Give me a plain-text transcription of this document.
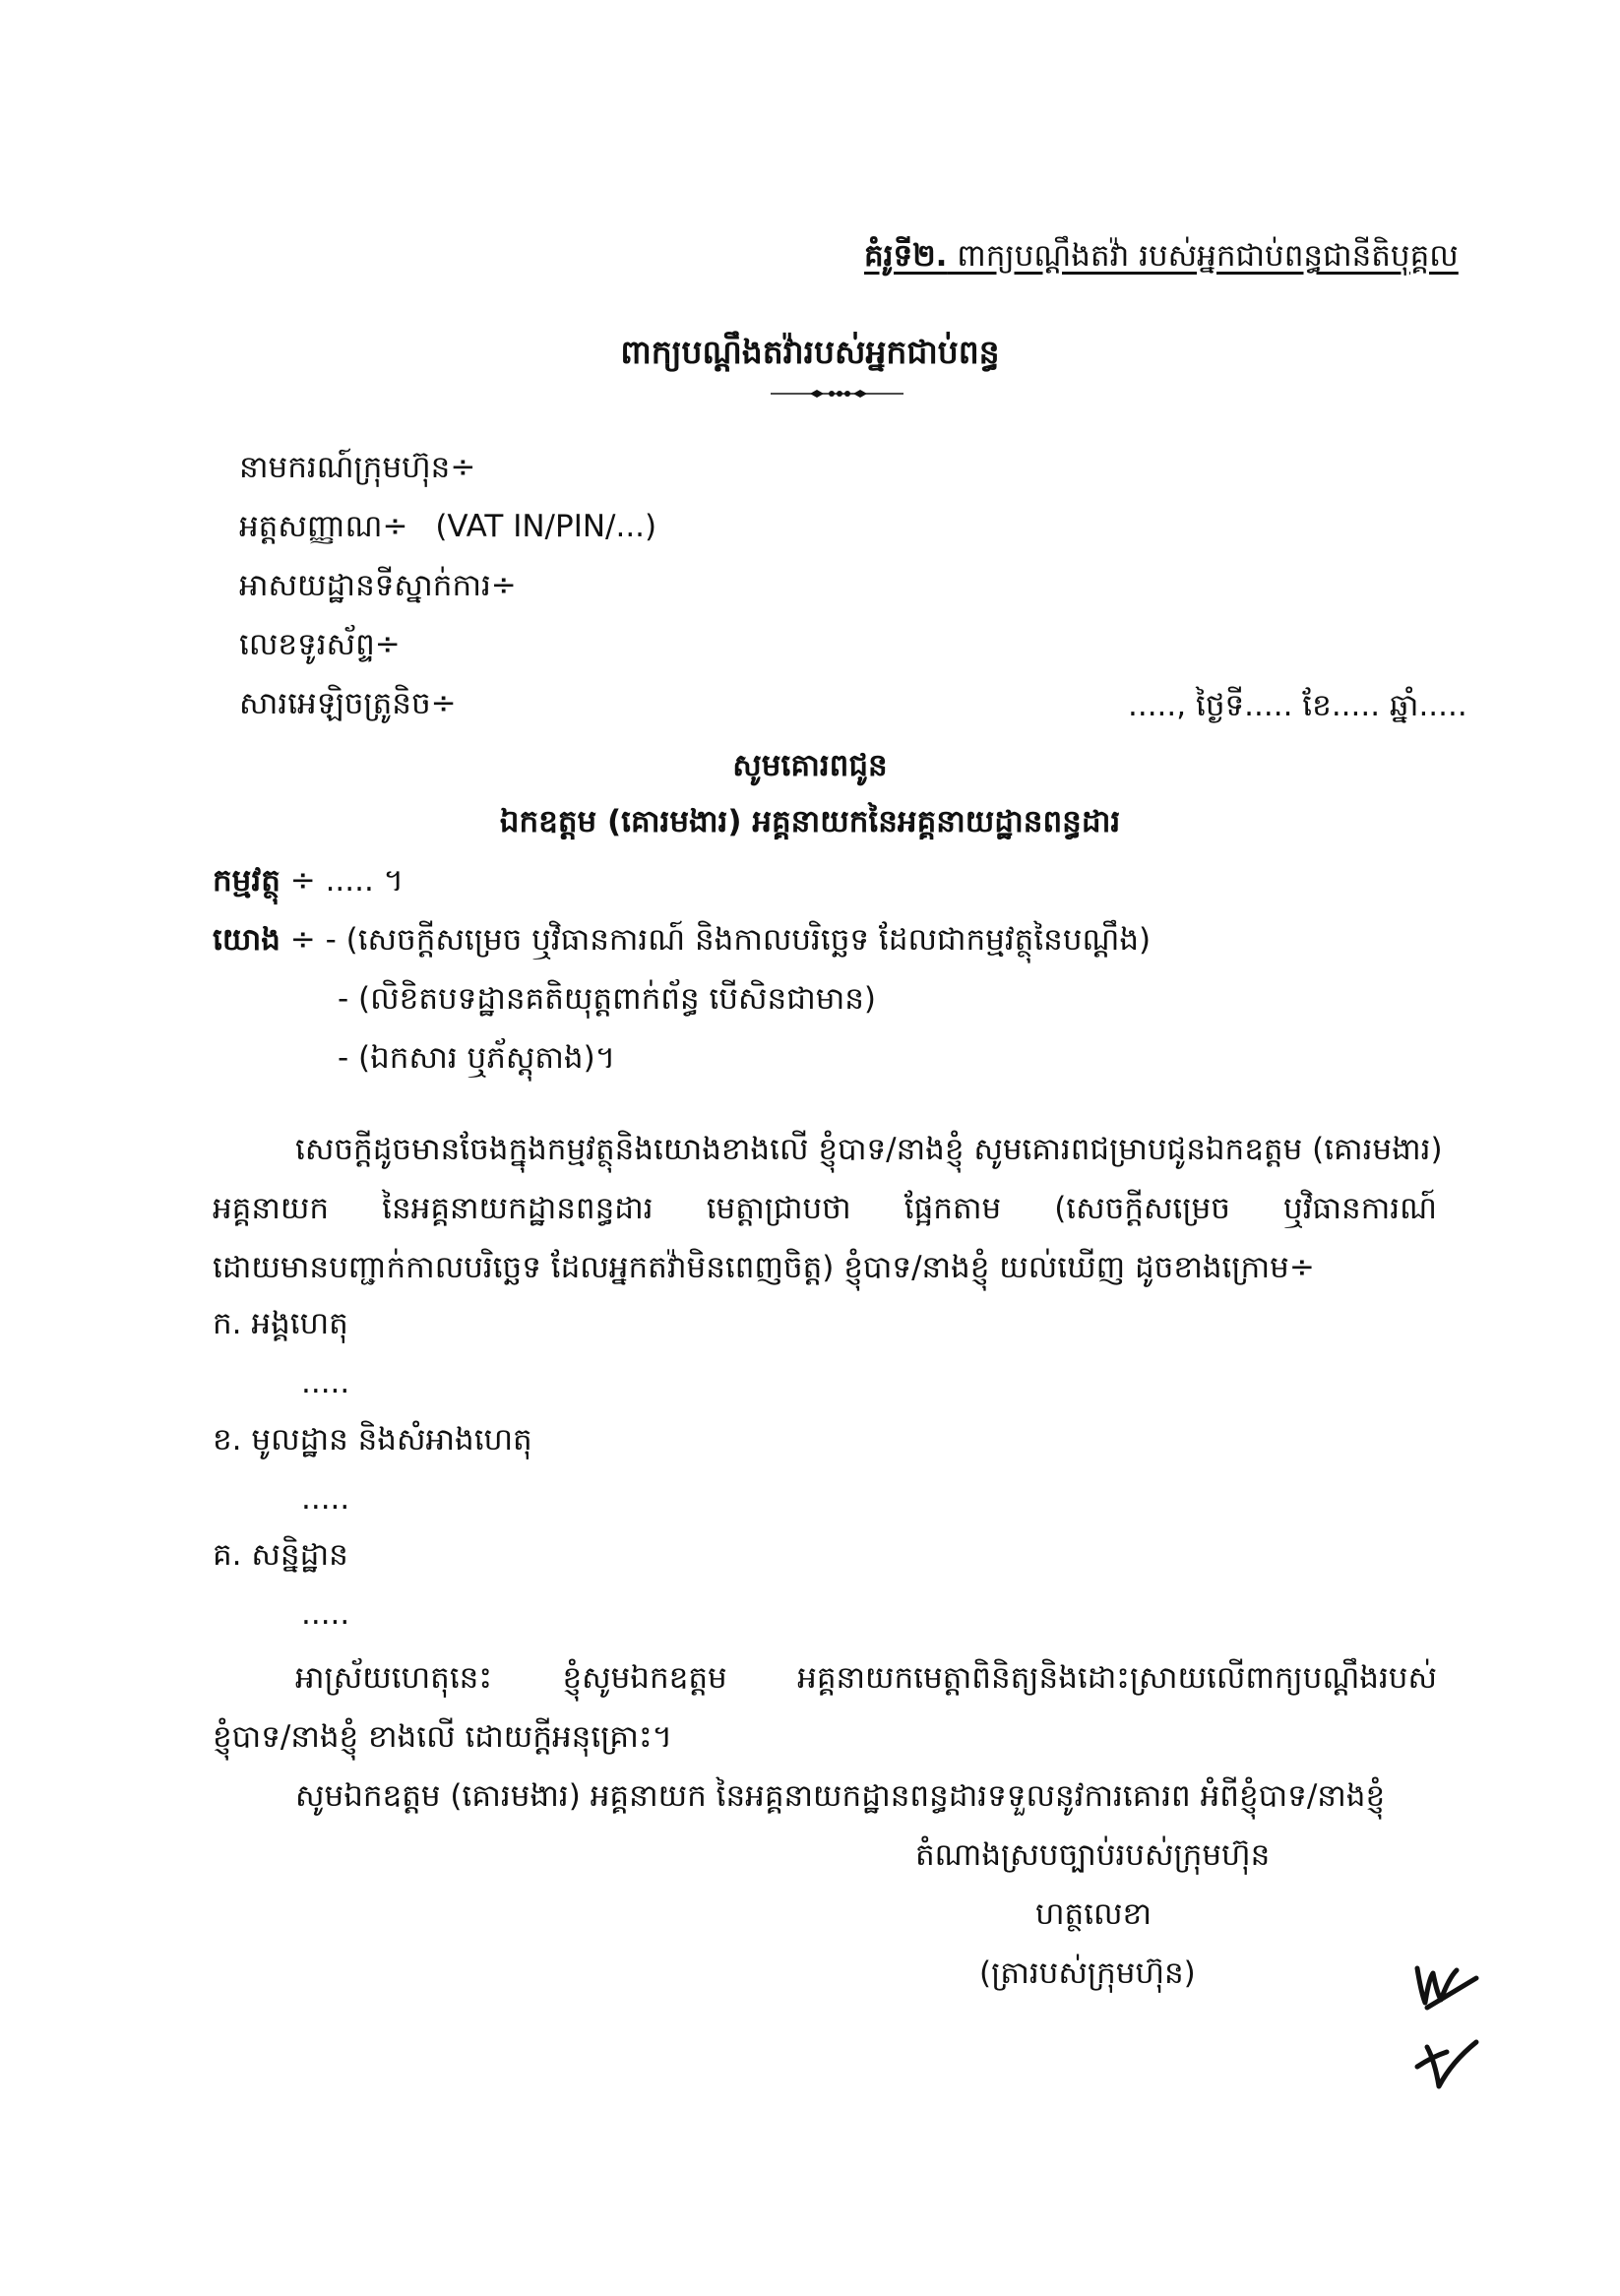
គំរូទី២. ពាក្យបណ្ដឹងតវ៉ា របស់អ្នកជាប់ពន្ធជានីតិបុគ្គល
ពាក្យបណ្ដឹងតវ៉ារបស់អ្នកជាប់ពន្ធ
នាមករណ៍ក្រុមហ៊ុន÷
អត្តសញ្ញាណ÷ (VAT IN/PIN/...)
អាសយដ្ឋានទីស្នាក់ការ÷
លេខទូរស័ព្ទ÷
សារអេឡិចត្រូនិច÷	....., ថ្ងៃទី..... ខែ..... ឆ្នាំ.....
សូមគោរពជូន
ឯកឧត្តម (គោរមងារ) អគ្គនាយកនៃអគ្គនាយដ្ឋានពន្ធដារ
កម្មវត្ថុ ÷ ..... ។
យោង ÷ - (សេចក្ដីសម្រេច ឬវិធានការណ៍ និងកាលបរិច្ឆេទ ដែលជាកម្មវត្ថុនៃបណ្ដឹង)
- (លិខិតបទដ្ឋានគតិយុត្តពាក់ព័ន្ធ បើសិនជាមាន)
- (ឯកសារ ឬភ័ស្ដុតាង)។
សេចក្ដីដូចមានចែងក្នុងកម្មវត្ថុនិងយោងខាងលើ ខ្ញុំបាទ/នាងខ្ញុំ សូមគោរពជម្រាបជូនឯកឧត្ដម (គោរមងារ)
អគ្គនាយក នៃអគ្គនាយកដ្ឋានពន្ធដារ មេត្តាជ្រាបថា ផ្អែកតាម (សេចក្ដីសម្រេច ឬវិធានការណ៍
ដោយមានបញ្ជាក់កាលបរិច្ឆេទ ដែលអ្នកតវ៉ាមិនពេញចិត្ត) ខ្ញុំបាទ/នាងខ្ញុំ យល់ឃើញ ដូចខាងក្រោម÷
ក. អង្គហេតុ
.....
ខ. មូលដ្ឋាន និងសំអាងហេតុ
.....
គ. សន្និដ្ឋាន
.....
អាស្រ័យហេតុនេះ ខ្ញុំសូមឯកឧត្តម អគ្គនាយកមេត្តាពិនិត្យនិងដោះស្រាយលើពាក្យបណ្ដឹងរបស់
ខ្ញុំបាទ/នាងខ្ញុំ ខាងលើ ដោយក្ដីអនុគ្រោះ។
សូមឯកឧត្តម (គោរមងារ) អគ្គនាយក នៃអគ្គនាយកដ្ឋានពន្ធដារទទួលនូវការគោរព អំពីខ្ញុំបាទ/នាងខ្ញុំ
តំណាងស្របច្បាប់របស់ក្រុមហ៊ុន
ហត្ថលេខា
(ត្រារបស់ក្រុមហ៊ុន)
